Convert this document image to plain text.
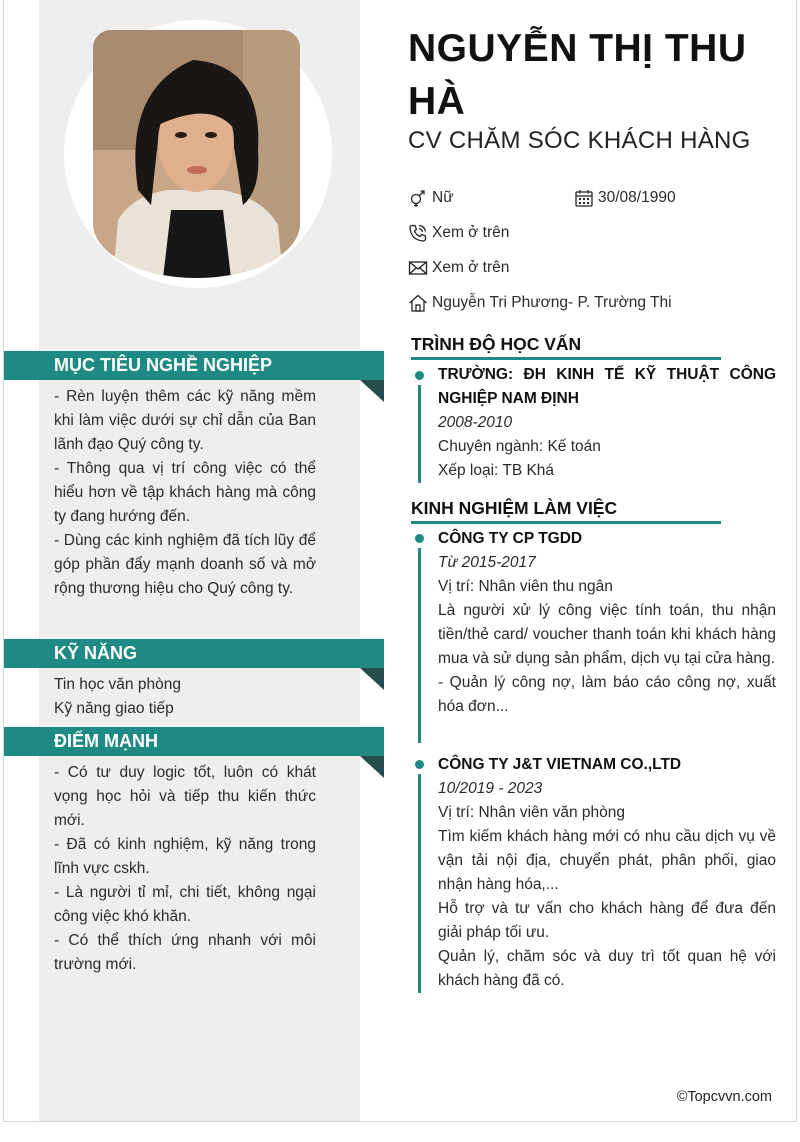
MỤC TIÊU NGHỀ NGHIỆP

- Rèn luyện thêm các kỹ năng mềm khi làm việc dưới sự chỉ dẫn của Ban lãnh đạo Quý công ty.

- Thông qua vị trí công việc có thể hiểu hơn về tập khách hàng mà công ty đang hướng đến.

- Dùng các kinh nghiệm đã tích lũy để góp phần đẩy mạnh doanh số và mở rộng thương hiệu cho Quý công ty.

KỸ NĂNG

Tin học văn phòng

Kỹ năng giao tiếp

ĐIỂM MẠNH

- Có tư duy logic tốt, luôn có khát vọng học hỏi và tiếp thu kiến thức mới.

- Đã có kinh nghiệm, kỹ năng trong lĩnh vực cskh.

- Là người tỉ mỉ, chi tiết, không ngại công việc khó khăn.

- Có thể thích ứng nhanh với môi trường mới.

NGUYỄN THỊ THU HÀ
CV CHĂM SÓC KHÁCH HÀNG
Nữ	30/08/1990
Xem ở trên
Xem ở trên
Nguyễn Tri Phương- P. Trường Thi
TRÌNH ĐỘ HỌC VẤN

TRƯỜNG: ĐH KINH TẾ KỸ THUẬT CÔNG NGHIỆP NAM ĐỊNH

2008-2010

Chuyên ngành: Kế toán

Xếp loại: TB Khá

KINH NGHIỆM LÀM VIỆC

CÔNG TY CP TGDD

Từ 2015-2017

Vị trí: Nhân viên thu ngân

Là người xử lý công việc tính toán, thu nhận tiền/thẻ card/ voucher thanh toán khi khách hàng mua và sử dụng sản phẩm, dịch vụ tại cửa hàng.

- Quản lý công nợ, làm báo cáo công nợ, xuất hóa đơn...

CÔNG TY J&T VIETNAM CO.,LTD

10/2019 - 2023

Vị trí: Nhân viên văn phòng

Tìm kiếm khách hàng mới có nhu cầu dịch vụ về vận tải nội địa, chuyển phát, phân phối, giao nhận hàng hóa,...

Hỗ trợ và tư vấn cho khách hàng để đưa đến giải pháp tối ưu.

Quản lý, chăm sóc và duy trì tốt quan hệ với khách hàng đã có.

©Topcvvn.com
